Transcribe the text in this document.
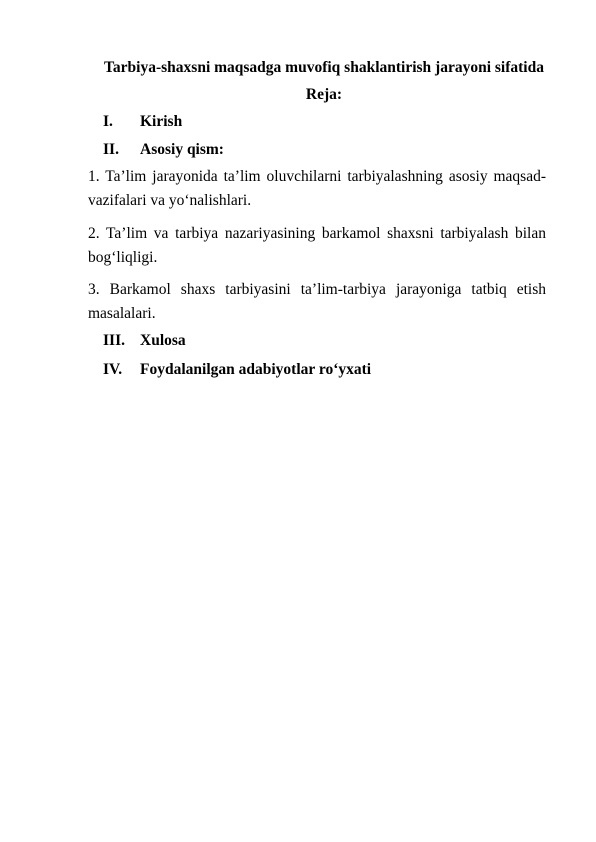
Tarbiya-shaxsni maqsadga muvofiq shaklantirish jarayoni sifatida
Reja:
I. Kirish
II. Asosiy qism:
1. Ta’lim jarayonida ta’lim oluvchilarni tarbiyalashning asosiy maqsad-
vazifalari va yo‘nalishlari.
2. Ta’lim va tarbiya nazariyasining barkamol shaxsni tarbiyalash bilan
bog‘liqligi.
3. Barkamol shaxs tarbiyasini ta’lim-tarbiya jarayoniga tatbiq etish
masalalari.
III. Xulosa
IV. Foydalanilgan adabiyotlar ro‘yxati
